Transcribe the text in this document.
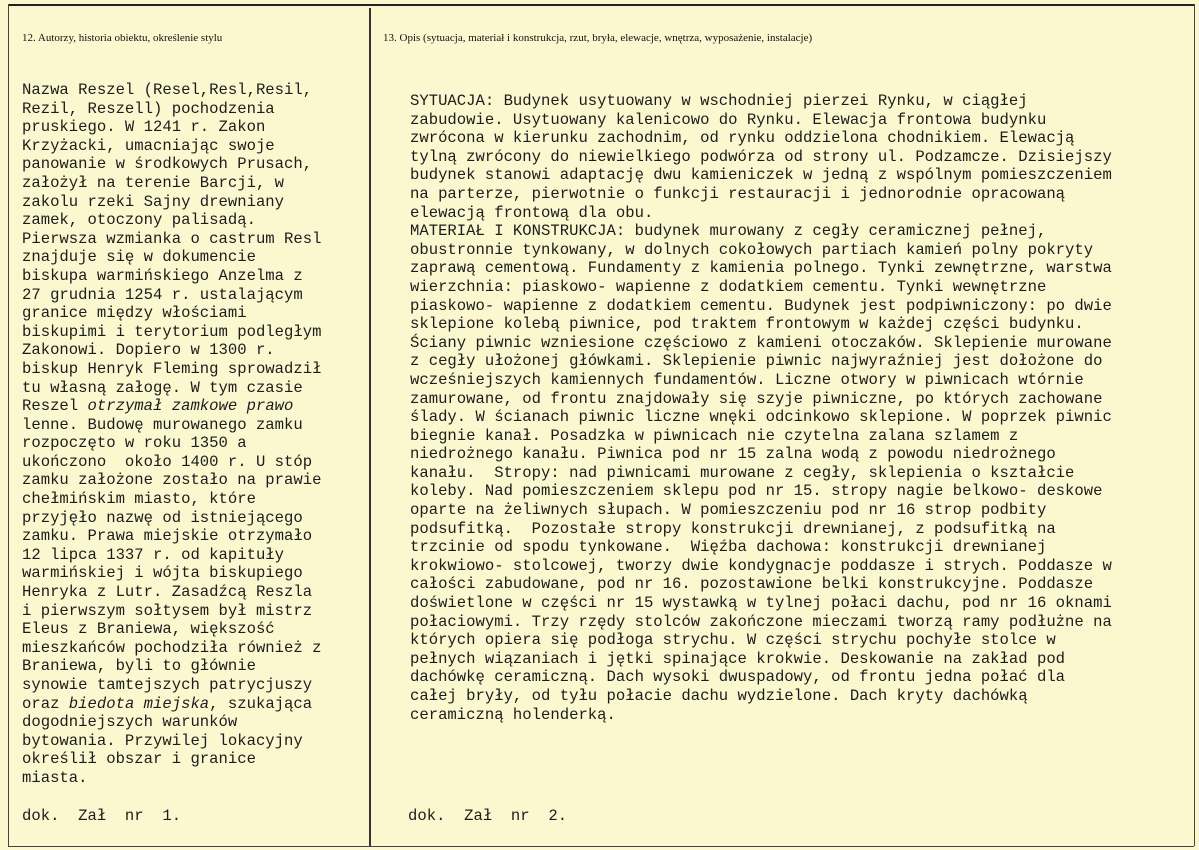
12. Autorzy, historia obiektu, określenie stylu	13. Opis (sytuacja, materiał i konstrukcja, rzut, bryła, elewacje, wnętrza, wyposażenie, instalacje)
Nazwa Reszel (Resel,Resl,Resil,
Rezil, Reszell) pochodzenia
pruskiego. W 1241 r. Zakon
Krzyżacki, umacniając swoje
panowanie w środkowych Prusach,
założył na terenie Barcji, w
zakolu rzeki Sajny drewniany
zamek, otoczony palisadą.
Pierwsza wzmianka o castrum Resl
znajduje się w dokumencie
biskupa warmińskiego Anzelma z
27 grudnia 1254 r. ustalającym
granice między włościami
biskupimi i terytorium podległym
Zakonowi. Dopiero w 1300 r.
biskup Henryk Fleming sprowadził
tu własną załogę. W tym czasie
Reszel otrzymał zamkowe prawo
lenne. Budowę murowanego zamku
rozpoczęto w roku 1350 a
ukończono  około 1400 r. U stóp
zamku założone zostało na prawie
chełmińskim miasto, które
przyjęło nazwę od istniejącego
zamku. Prawa miejskie otrzymało
12 lipca 1337 r. od kapituły
warmińskiej i wójta biskupiego
Henryka z Lutr. Zasadźcą Reszla
i pierwszym sołtysem był mistrz
Eleus z Braniewa, większość
mieszkańców pochodziła również z
Braniewa, byli to głównie
synowie tamtejszych patrycjuszy
oraz biedota miejska, szukająca
dogodniejszych warunków
bytowania. Przywilej lokacyjny
określił obszar i granice
miasta.
SYTUACJA: Budynek usytuowany w wschodniej pierzei Rynku, w ciągłej
zabudowie. Usytuowany kalenicowo do Rynku. Elewacja frontowa budynku
zwrócona w kierunku zachodnim, od rynku oddzielona chodnikiem. Elewacją
tylną zwrócony do niewielkiego podwórza od strony ul. Podzamcze. Dzisiejszy
budynek stanowi adaptację dwu kamieniczek w jedną z wspólnym pomieszczeniem
na parterze, pierwotnie o funkcji restauracji i jednorodnie opracowaną
elewacją frontową dla obu.
MATERIAŁ I KONSTRUKCJA: budynek murowany z cegły ceramicznej pełnej,
obustronnie tynkowany, w dolnych cokołowych partiach kamień polny pokryty
zaprawą cementową. Fundamenty z kamienia polnego. Tynki zewnętrzne, warstwa
wierzchnia: piaskowo- wapienne z dodatkiem cementu. Tynki wewnętrzne
piaskowo- wapienne z dodatkiem cementu. Budynek jest podpiwniczony: po dwie
sklepione kolebą piwnice, pod traktem frontowym w każdej części budynku.
Ściany piwnic wzniesione częściowo z kamieni otoczaków. Sklepienie murowane
z cegły ułożonej główkami. Sklepienie piwnic najwyraźniej jest dołożone do
wcześniejszych kamiennych fundamentów. Liczne otwory w piwnicach wtórnie
zamurowane, od frontu znajdowały się szyje piwniczne, po których zachowane
ślady. W ścianach piwnic liczne wnęki odcinkowo sklepione. W poprzek piwnic
biegnie kanał. Posadzka w piwnicach nie czytelna zalana szlamem z
niedrożnego kanału. Piwnica pod nr 15 zalna wodą z powodu niedrożnego
kanału.  Stropy: nad piwnicami murowane z cegły, sklepienia o kształcie
koleby. Nad pomieszczeniem sklepu pod nr 15. stropy nagie belkowo- deskowe
oparte na żeliwnych słupach. W pomieszczeniu pod nr 16 strop podbity
podsufitką.  Pozostałe stropy konstrukcji drewnianej, z podsufitką na
trzcinie od spodu tynkowane.  Więźba dachowa: konstrukcji drewnianej
krokwiowo- stolcowej, tworzy dwie kondygnacje poddasze i strych. Poddasze w
całości zabudowane, pod nr 16. pozostawione belki konstrukcyjne. Poddasze
doświetlone w części nr 15 wystawką w tylnej połaci dachu, pod nr 16 oknami
połaciowymi. Trzy rzędy stolców zakończone mieczami tworzą ramy podłużne na
których opiera się podłoga strychu. W części strychu pochyłe stolce w
pełnych wiązaniach i jętki spinające krokwie. Deskowanie na zakład pod
dachówkę ceramiczną. Dach wysoki dwuspadowy, od frontu jedna połać dla
całej bryły, od tyłu połacie dachu wydzielone. Dach kryty dachówką
ceramiczną holenderką.
dok.  Zał  nr  1.	dok.  Zał  nr  2.
